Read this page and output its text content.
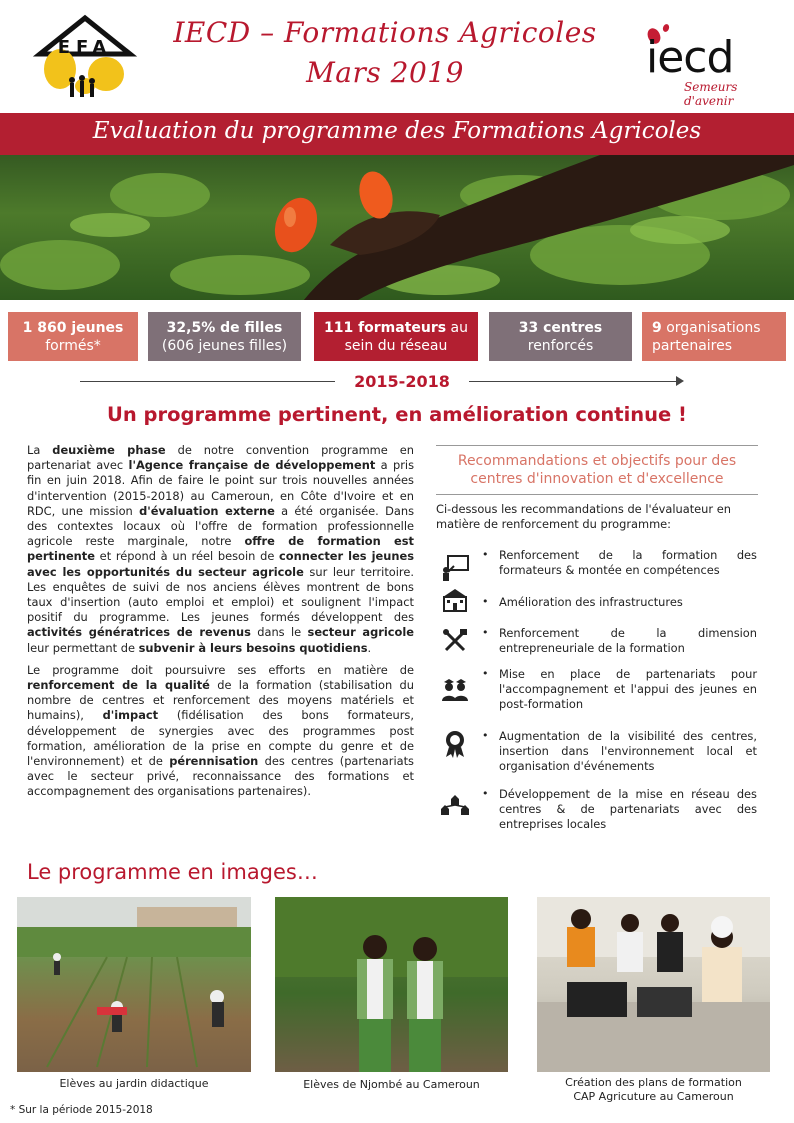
EFA	IECD – Formations Agricoles
Mars 2019	iecd
Semeurs d'avenir
Evaluation du programme des Formations Agricoles
1 860 jeunes
formés*
32,5% de filles
(606 jeunes filles)
111 formateurs au
sein du réseau
33 centres
renforcés
9 organisations
partenaires
2015-2018
Un programme pertinent, en amélioration continue !

La deuxième phase de notre convention programme en partenariat avec l'Agence française de développement a pris fin en juin 2018. Afin de faire le point sur trois nouvelles années d'intervention (2015-2018) au Cameroun, en Côte d'Ivoire et en RDC, une mission d'évaluation externe a été organisée. Dans des contextes locaux où l'offre de formation professionnelle agricole reste marginale, notre offre de formation est pertinente et répond à un réel besoin de connecter les jeunes avec les opportunités du secteur agricole sur leur territoire. Les enquêtes de suivi de nos anciens élèves montrent de bons taux d'insertion (auto emploi et emploi) et soulignent l'impact positif du programme. Les jeunes formés développent des activités génératrices de revenus dans le secteur agricole leur permettant de subvenir à leurs besoins quotidiens.

Le programme doit poursuivre ses efforts en matière de renforcement de la qualité de la formation (stabilisation du nombre de centres et renforcement des moyens matériels et humains), d'impact (fidélisation des bons formateurs, développement de synergies avec des programmes post formation, amélioration de la prise en compte du genre et de l'environnement) et de pérennisation des centres (partenariats avec le secteur privé, reconnaissance des formations et accompagnement des organisations partenaires).

Recommandations et objectifs pour des
centres d'innovation et d'excellence
Ci-dessous les recommandations de l'évaluateur en matière de renforcement du programme:
• Renforcement de la formation des formateurs & montée en compétences
• Amélioration des infrastructures
• Renforcement de la dimension entrepreneuriale de la formation
• Mise en place de partenariats pour l'accompagnement et l'appui des jeunes en post-formation
• Augmentation de la visibilité des centres, insertion dans l'environnement local et organisation d'événements
• Développement de la mise en réseau des centres & de partenariats avec des entreprises locales
Le programme en images…
Elèves au jardin didactique	Elèves de Njombé au Cameroun	Création des plans de formation
CAP Agricuture au Cameroun
* Sur la période 2015-2018
